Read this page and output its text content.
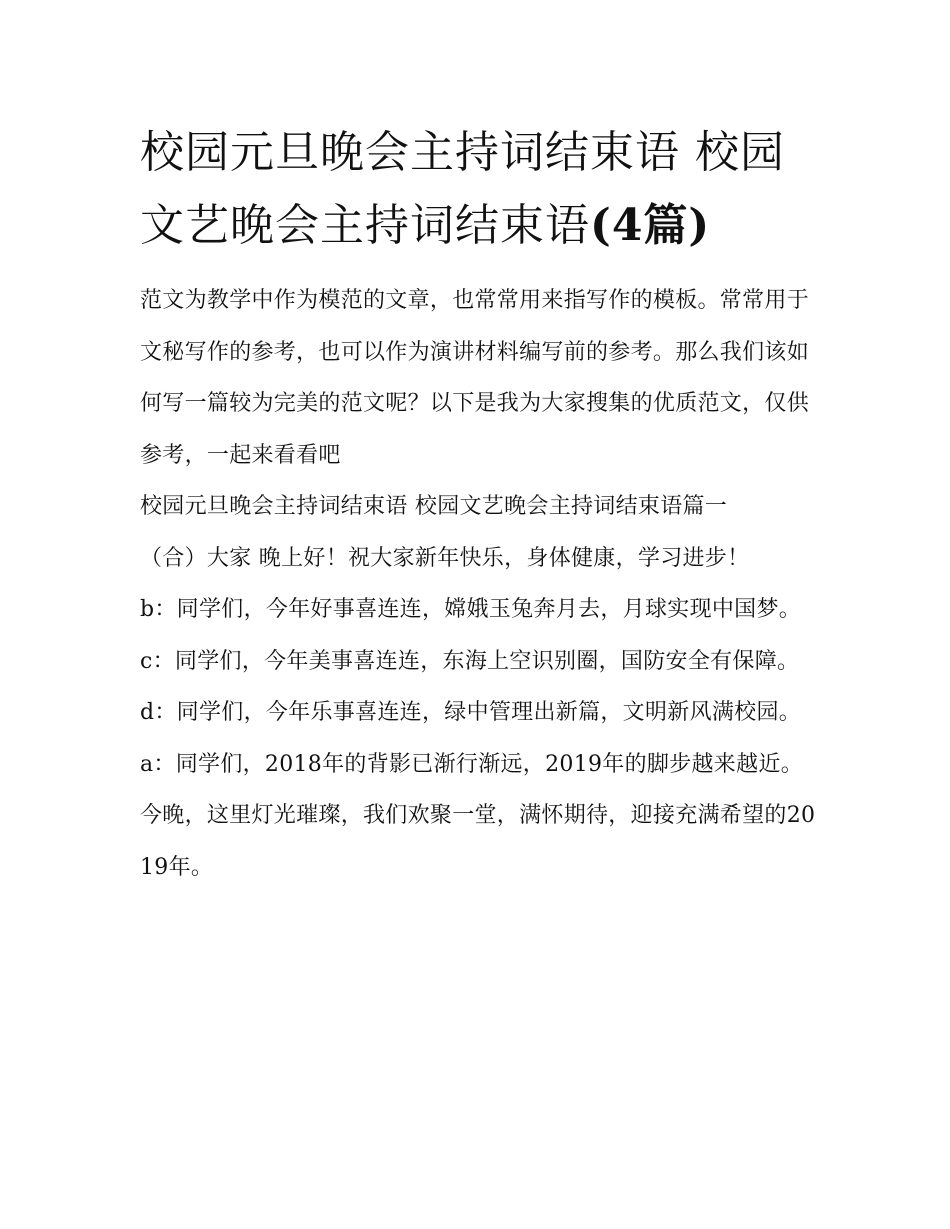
校园元旦晚会主持词结束语 校园文艺晚会主持词结束语(4篇)

范文为教学中作为模范的文章，也常常用来指写作的模板。常常用于文秘写作的参考，也可以作为演讲材料编写前的参考。那么我们该如何写一篇较为完美的范文呢？以下是我为大家搜集的优质范文，仅供参考，一起来看看吧

校园元旦晚会主持词结束语 校园文艺晚会主持词结束语篇一

（合）大家 晚上好！祝大家新年快乐，身体健康，学习进步！

b：同学们，今年好事喜连连，嫦娥玉兔奔月去，月球实现中国梦。 c：同学们，今年美事喜连连，东海上空识别圈，国防安全有保障。

d：同学们，今年乐事喜连连，绿中管理出新篇，文明新风满校园。

a：同学们，2018年的背影已渐行渐远，2019年的脚步越来越近。今晚，这里灯光璀璨，我们欢聚一堂，满怀期待，迎接充满希望的2019年。
